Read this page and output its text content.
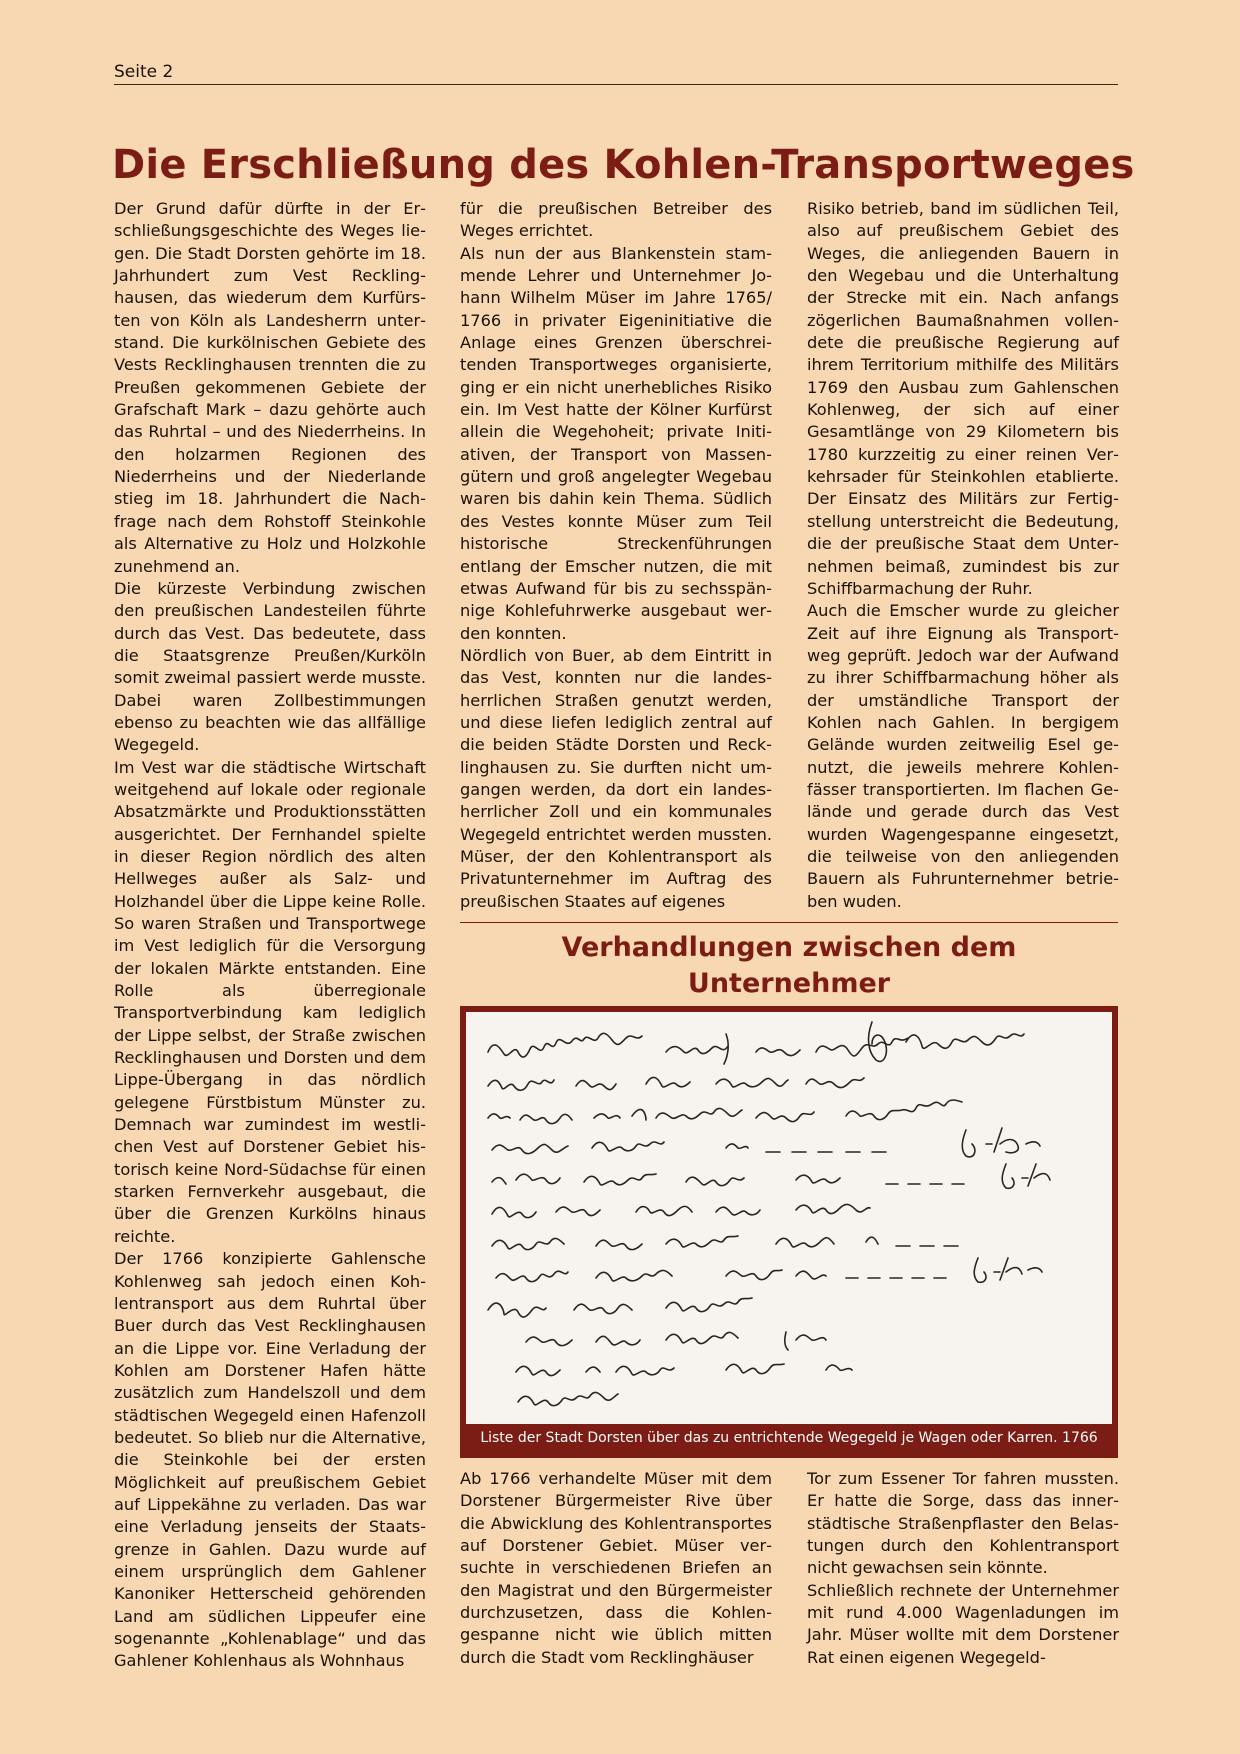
Seite 2
Die Erschließung des Kohlen-Transportweges

Der Grund dafür dürfte in der Erschließungsgeschichte des Weges liegen. Die Stadt Dorsten gehörte im 18. Jahrhundert zum Vest Recklinghausen, das wiederum dem Kurfürsten von Köln als Landesherrn unterstand. Die kurkölnischen Gebiete des Vests Recklinghausen trennten die zu Preußen gekommenen Gebiete der Grafschaft Mark – dazu gehörte auch das Ruhrtal – und des Niederrheins. In den holzarmen Regionen des Niederrheins und der Niederlande stieg im 18. Jahrhundert die Nachfrage nach dem Rohstoff Steinkohle als Alternative zu Holz und Holzkohle zunehmend an.

Die kürzeste Verbindung zwischen den preußischen Landesteilen führte durch das Vest. Das bedeutete, dass die Staatsgrenze Preußen/Kurköln somit zweimal passiert werde musste. Dabei waren Zollbestimmungen ebenso zu beachten wie das allfällige Wegegeld.

Im Vest war die städtische Wirtschaft weitgehend auf lokale oder regionale Absatzmärkte und Produktionsstätten ausgerichtet. Der Fernhandel spielte in dieser Region nördlich des alten Hellweges außer als Salz- und Holzhandel über die Lippe keine Rolle. So waren Straßen und Transportwege im Vest lediglich für die Versorgung der lokalen Märkte entstanden. Eine Rolle als überregionale Transportverbindung kam lediglich der Lippe selbst, der Straße zwischen Recklinghausen und Dorsten und dem Lippe-Übergang in das nördlich gelegene Fürstbistum Münster zu. Demnach war zumindest im westlichen Vest auf Dorstener Gebiet historisch keine Nord-Südachse für einen starken Fernverkehr ausgebaut, die über die Grenzen Kurkölns hinaus reichte.

Der 1766 konzipierte Gahlensche Kohlenweg sah jedoch einen Kohlentransport aus dem Ruhrtal über Buer durch das Vest Recklinghausen an die Lippe vor. Eine Verladung der Kohlen am Dorstener Hafen hätte zusätzlich zum Handelszoll und dem städtischen Wegegeld einen Hafenzoll bedeutet. So blieb nur die Alternative, die Steinkohle bei der ersten Möglichkeit auf preußischem Gebiet auf Lippekähne zu verladen. Das war eine Verladung jenseits der Staatsgrenze in Gahlen. Dazu wurde auf einem ursprünglich dem Gahlener Kanoniker Hetterscheid gehörenden Land am südlichen Lippeufer eine sogenannte „Kohlenablage“ und das Gahlener Kohlenhaus als Wohnhaus

für die preußischen Betreiber des Weges errichtet.

Als nun der aus Blankenstein stammende Lehrer und Unternehmer Johann Wilhelm Müser im Jahre 1765/ 1766 in privater Eigeninitiative die Anlage eines Grenzen überschreitenden Transportweges organisierte, ging er ein nicht unerhebliches Risiko ein. Im Vest hatte der Kölner Kurfürst allein die Wegehoheit; private Initiativen, der Transport von Massengütern und groß angelegter Wegebau waren bis dahin kein Thema. Südlich des Vestes konnte Müser zum Teil historische Streckenführungen entlang der Emscher nutzen, die mit etwas Aufwand für bis zu sechsspännige Kohlefuhrwerke ausgebaut werden konnten.

Nördlich von Buer, ab dem Eintritt in das Vest, konnten nur die landesherrlichen Straßen genutzt werden, und diese liefen lediglich zentral auf die beiden Städte Dorsten und Recklinghausen zu. Sie durften nicht umgangen werden, da dort ein landesherrlicher Zoll und ein kommunales Wegegeld entrichtet werden mussten. Müser, der den Kohlentransport als Privatunternehmer im Auftrag des preußischen Staates auf eigenes

Risiko betrieb, band im südlichen Teil, also auf preußischem Gebiet des Weges, die anliegenden Bauern in den Wegebau und die Unterhaltung der Strecke mit ein. Nach anfangs zögerlichen Baumaßnahmen vollendete die preußische Regierung auf ihrem Territorium mithilfe des Militärs 1769 den Ausbau zum Gahlenschen Kohlenweg, der sich auf einer Gesamtlänge von 29 Kilometern bis 1780 kurzzeitig zu einer reinen Verkehrsader für Steinkohlen etablierte. Der Einsatz des Militärs zur Fertigstellung unterstreicht die Bedeutung, die der preußische Staat dem Unternehmen beimaß, zumindest bis zur Schiffbarmachung der Ruhr.

Auch die Emscher wurde zu gleicher Zeit auf ihre Eignung als Transportweg geprüft. Jedoch war der Aufwand zu ihrer Schiffbarmachung höher als der umständliche Transport der Kohlen nach Gahlen. In bergigem Gelände wurden zeitweilig Esel genutzt, die jeweils mehrere Kohlenfässer transportierten. Im flachen Gelände und gerade durch das Vest wurden Wagengespanne eingesetzt, die teilweise von den anliegenden Bauern als Fuhrunternehmer betrieben wuden.

Verhandlungen zwischen dem Unternehmer

Liste der Stadt Dorsten über das zu entrichtende Wegegeld je Wagen oder Karren. 1766

Ab 1766 verhandelte Müser mit dem Dorstener Bürgermeister Rive über die Abwicklung des Kohlentransportes auf Dorstener Gebiet. Müser versuchte in verschiedenen Briefen an den Magistrat und den Bürgermeister durchzusetzen, dass die Kohlengespanne nicht wie üblich mitten durch die Stadt vom Recklinghäuser

Tor zum Essener Tor fahren mussten. Er hatte die Sorge, dass das innerstädtische Straßenpflaster den Belastungen durch den Kohlentransport nicht gewachsen sein könnte.

Schließlich rechnete der Unternehmer mit rund 4.000 Wagenladungen im Jahr. Müser wollte mit dem Dorstener Rat einen eigenen Wegegeld-
